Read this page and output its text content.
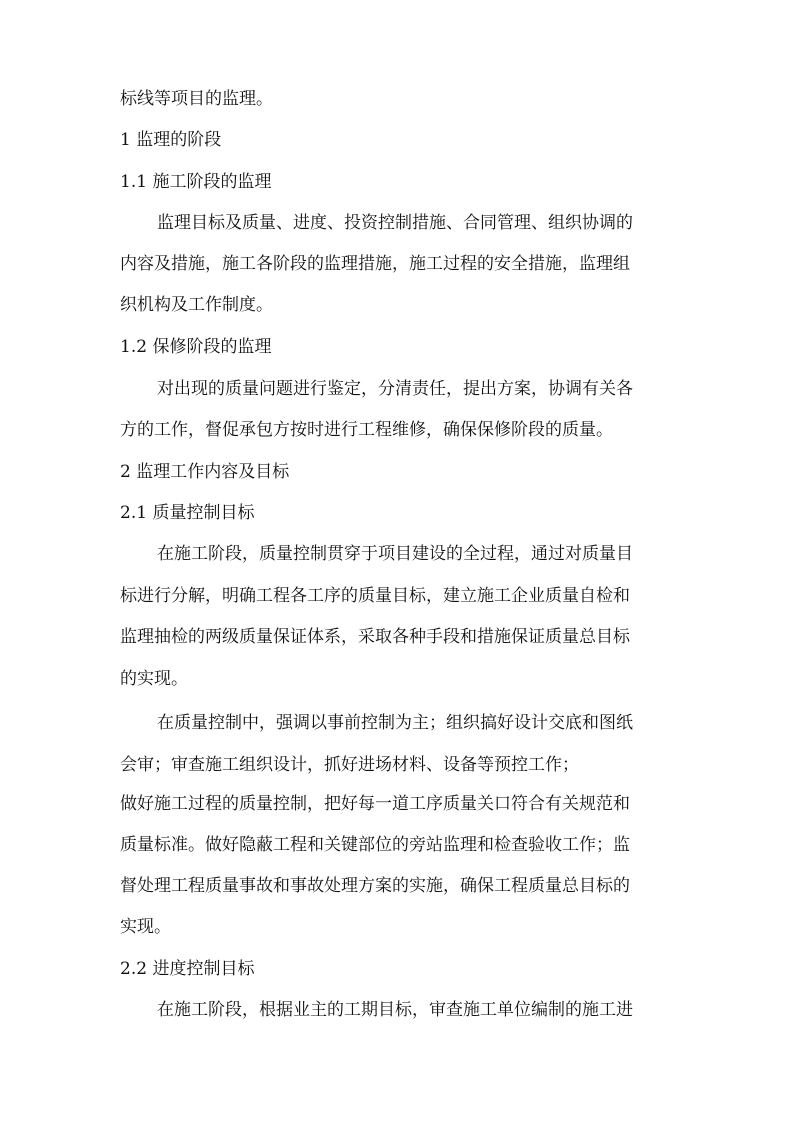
标线等项目的监理。
1 监理的阶段
1.1 施工阶段的监理
监理目标及质量、进度、投资控制措施、合同管理、组织协调的
内容及措施，施工各阶段的监理措施，施工过程的安全措施，监理组
织机构及工作制度。
1.2 保修阶段的监理
对出现的质量问题进行鉴定，分清责任，提出方案，协调有关各
方的工作，督促承包方按时进行工程维修，确保保修阶段的质量。
2 监理工作内容及目标
2.1 质量控制目标
在施工阶段，质量控制贯穿于项目建设的全过程，通过对质量目
标进行分解，明确工程各工序的质量目标，建立施工企业质量自检和
监理抽检的两级质量保证体系，采取各种手段和措施保证质量总目标
的实现。
在质量控制中，强调以事前控制为主；组织搞好设计交底和图纸
会审；审查施工组织设计，抓好进场材料、设备等预控工作；
做好施工过程的质量控制，把好每一道工序质量关口符合有关规范和
质量标准。做好隐蔽工程和关键部位的旁站监理和检查验收工作；监
督处理工程质量事故和事故处理方案的实施，确保工程质量总目标的
实现。
2.2 进度控制目标
在施工阶段，根据业主的工期目标，审查施工单位编制的施工进
